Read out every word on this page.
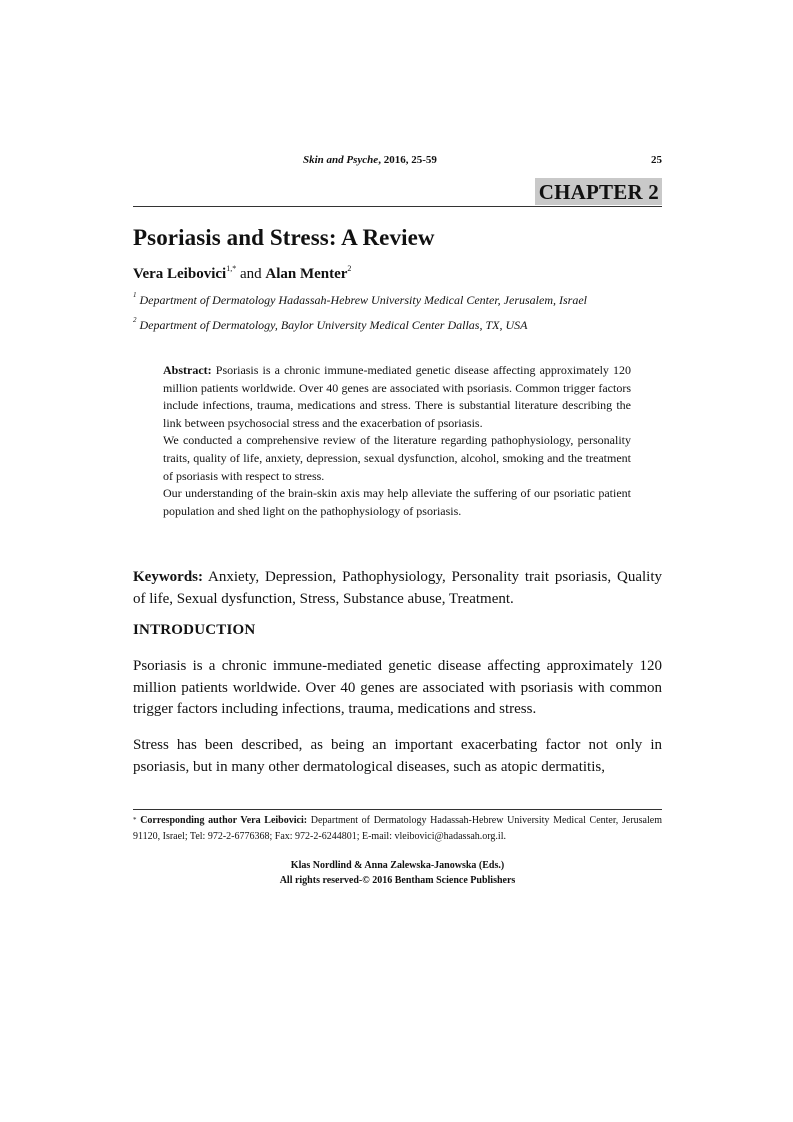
Skin and Psyche, 2016, 25-59	25
CHAPTER 2
Psoriasis and Stress: A Review
Vera Leibovici$^{1,*}$ and Alan Menter$^2$
$^1$ Department of Dermatology Hadassah-Hebrew University Medical Center, Jerusalem, Israel
$^2$ Department of Dermatology, Baylor University Medical Center Dallas, TX, USA

Abstract: Psoriasis is a chronic immune-mediated genetic disease affecting approximately 120 million patients worldwide. Over 40 genes are associated with psoriasis. Common trigger factors include infections, trauma, medications and stress. There is substantial literature describing the link between psychosocial stress and the exacerbation of psoriasis.

We conducted a comprehensive review of the literature regarding pathophysiology, personality traits, quality of life, anxiety, depression, sexual dysfunction, alcohol, smoking and the treatment of psoriasis with respect to stress.

Our understanding of the brain-skin axis may help alleviate the suffering of our psoriatic patient population and shed light on the pathophysiology of psoriasis.

Keywords: Anxiety, Depression, Pathophysiology, Personality trait psoriasis, Quality of life, Sexual dysfunction, Stress, Substance abuse, Treatment.

INTRODUCTION

Psoriasis is a chronic immune-mediated genetic disease affecting approximately 120 million patients worldwide. Over 40 genes are associated with psoriasis with common trigger factors including infections, trauma, medications and stress.

Stress has been described, as being an important exacerbating factor not only in psoriasis, but in many other dermatological diseases, such as atopic dermatitis,

* Corresponding author Vera Leibovici: Department of Dermatology Hadassah-Hebrew University Medical Center, Jerusalem 91120, Israel; Tel: 972-2-6776368; Fax: 972-2-6244801; E-mail: vleibovici@hadassah.org.il.
Klas Nordlind & Anna Zalewska-Janowska (Eds.)
All rights reserved-© 2016 Bentham Science Publishers
